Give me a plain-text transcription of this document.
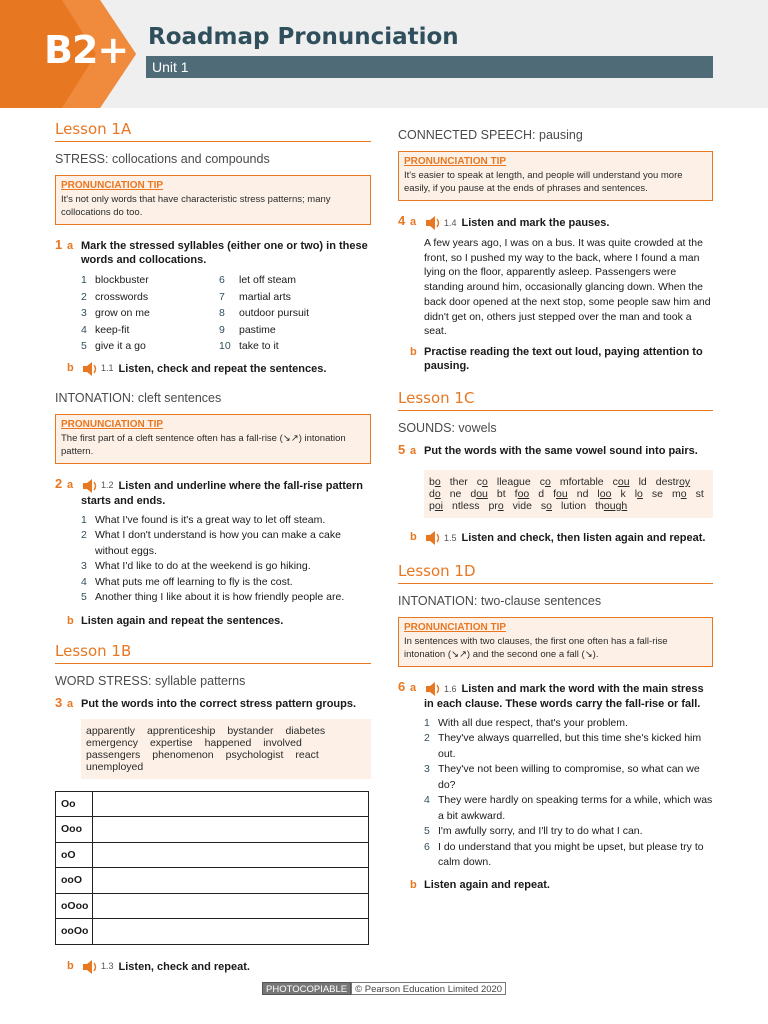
B2+ Roadmap Pronunciation
Unit 1
Lesson 1A
STRESS: collocations and compounds
PRONUNCIATION TIP
It's not only words that have characteristic stress patterns; many collocations do too.
1 a Mark the stressed syllables (either one or two) in these words and collocations.
1 blockbuster
2 crosswords
3 grow on me
4 keep-fit
5 give it a go
6 let off steam
7 martial arts
8 outdoor pursuit
9 pastime
10 take to it
b	1.1 Listen, check and repeat the sentences.
INTONATION: cleft sentences
PRONUNCIATION TIP
The first part of a cleft sentence often has a fall-rise (↘↗) intonation pattern.
2 a	1.2 Listen and underline where the fall-rise pattern starts and ends.
1 What I've found is it's a great way to let off steam.
2 What I don't understand is how you can make a cake without eggs.
3 What I'd like to do at the weekend is go hiking.
4 What puts me off learning to fly is the cost.
5 Another thing I like about it is how friendly people are.
b Listen again and repeat the sentences.
Lesson 1B
WORD STRESS: syllable patterns
3 a Put the words into the correct stress pattern groups.
apparently apprenticeship bystander diabetes
emergency expertise happened involved
passengers phenomenon psychologist react
unemployed
Oo	
Ooo	
oO	
ooO	
oOoo	
ooOo	
b	1.3 Listen, check and repeat.
CONNECTED SPEECH: pausing
PRONUNCIATION TIP
It's easier to speak at length, and people will understand you more easily, if you pause at the ends of phrases and sentences.
4 a	1.4 Listen and mark the pauses.
A few years ago, I was on a bus. It was quite crowded at the front, so I pushed my way to the back, where I found a man lying on the floor, apparently asleep. Passengers were standing around him, occasionally glancing down. When the back door opened at the next stop, some people saw him and didn't get on, others just stepped over the man and took a seat.
b Practise reading the text out loud, paying attention to pausing.
Lesson 1C
SOUNDS: vowels
5 a Put the words with the same vowel sound into pairs.
bo ther co lleague co mfortable cou ld destroy
do ne dou bt foo d fou nd loo k lo se mo st
poi ntless pro vide so lution though
b	1.5 Listen and check, then listen again and repeat.
Lesson 1D
INTONATION: two-clause sentences
PRONUNCIATION TIP
In sentences with two clauses, the first one often has a fall-rise intonation (↘↗) and the second one a fall (↘).
6 a	1.6 Listen and mark the word with the main stress in each clause. These words carry the fall-rise or fall.
1 With all due respect, that's your problem.
2 They've always quarrelled, but this time she's kicked him out.
3 They've not been willing to compromise, so what can we do?
4 They were hardly on speaking terms for a while, which was a bit awkward.
5 I'm awfully sorry, and I'll try to do what I can.
6 I do understand that you might be upset, but please try to calm down.
b Listen again and repeat.
PHOTOCOPIABLE © Pearson Education Limited 2020
